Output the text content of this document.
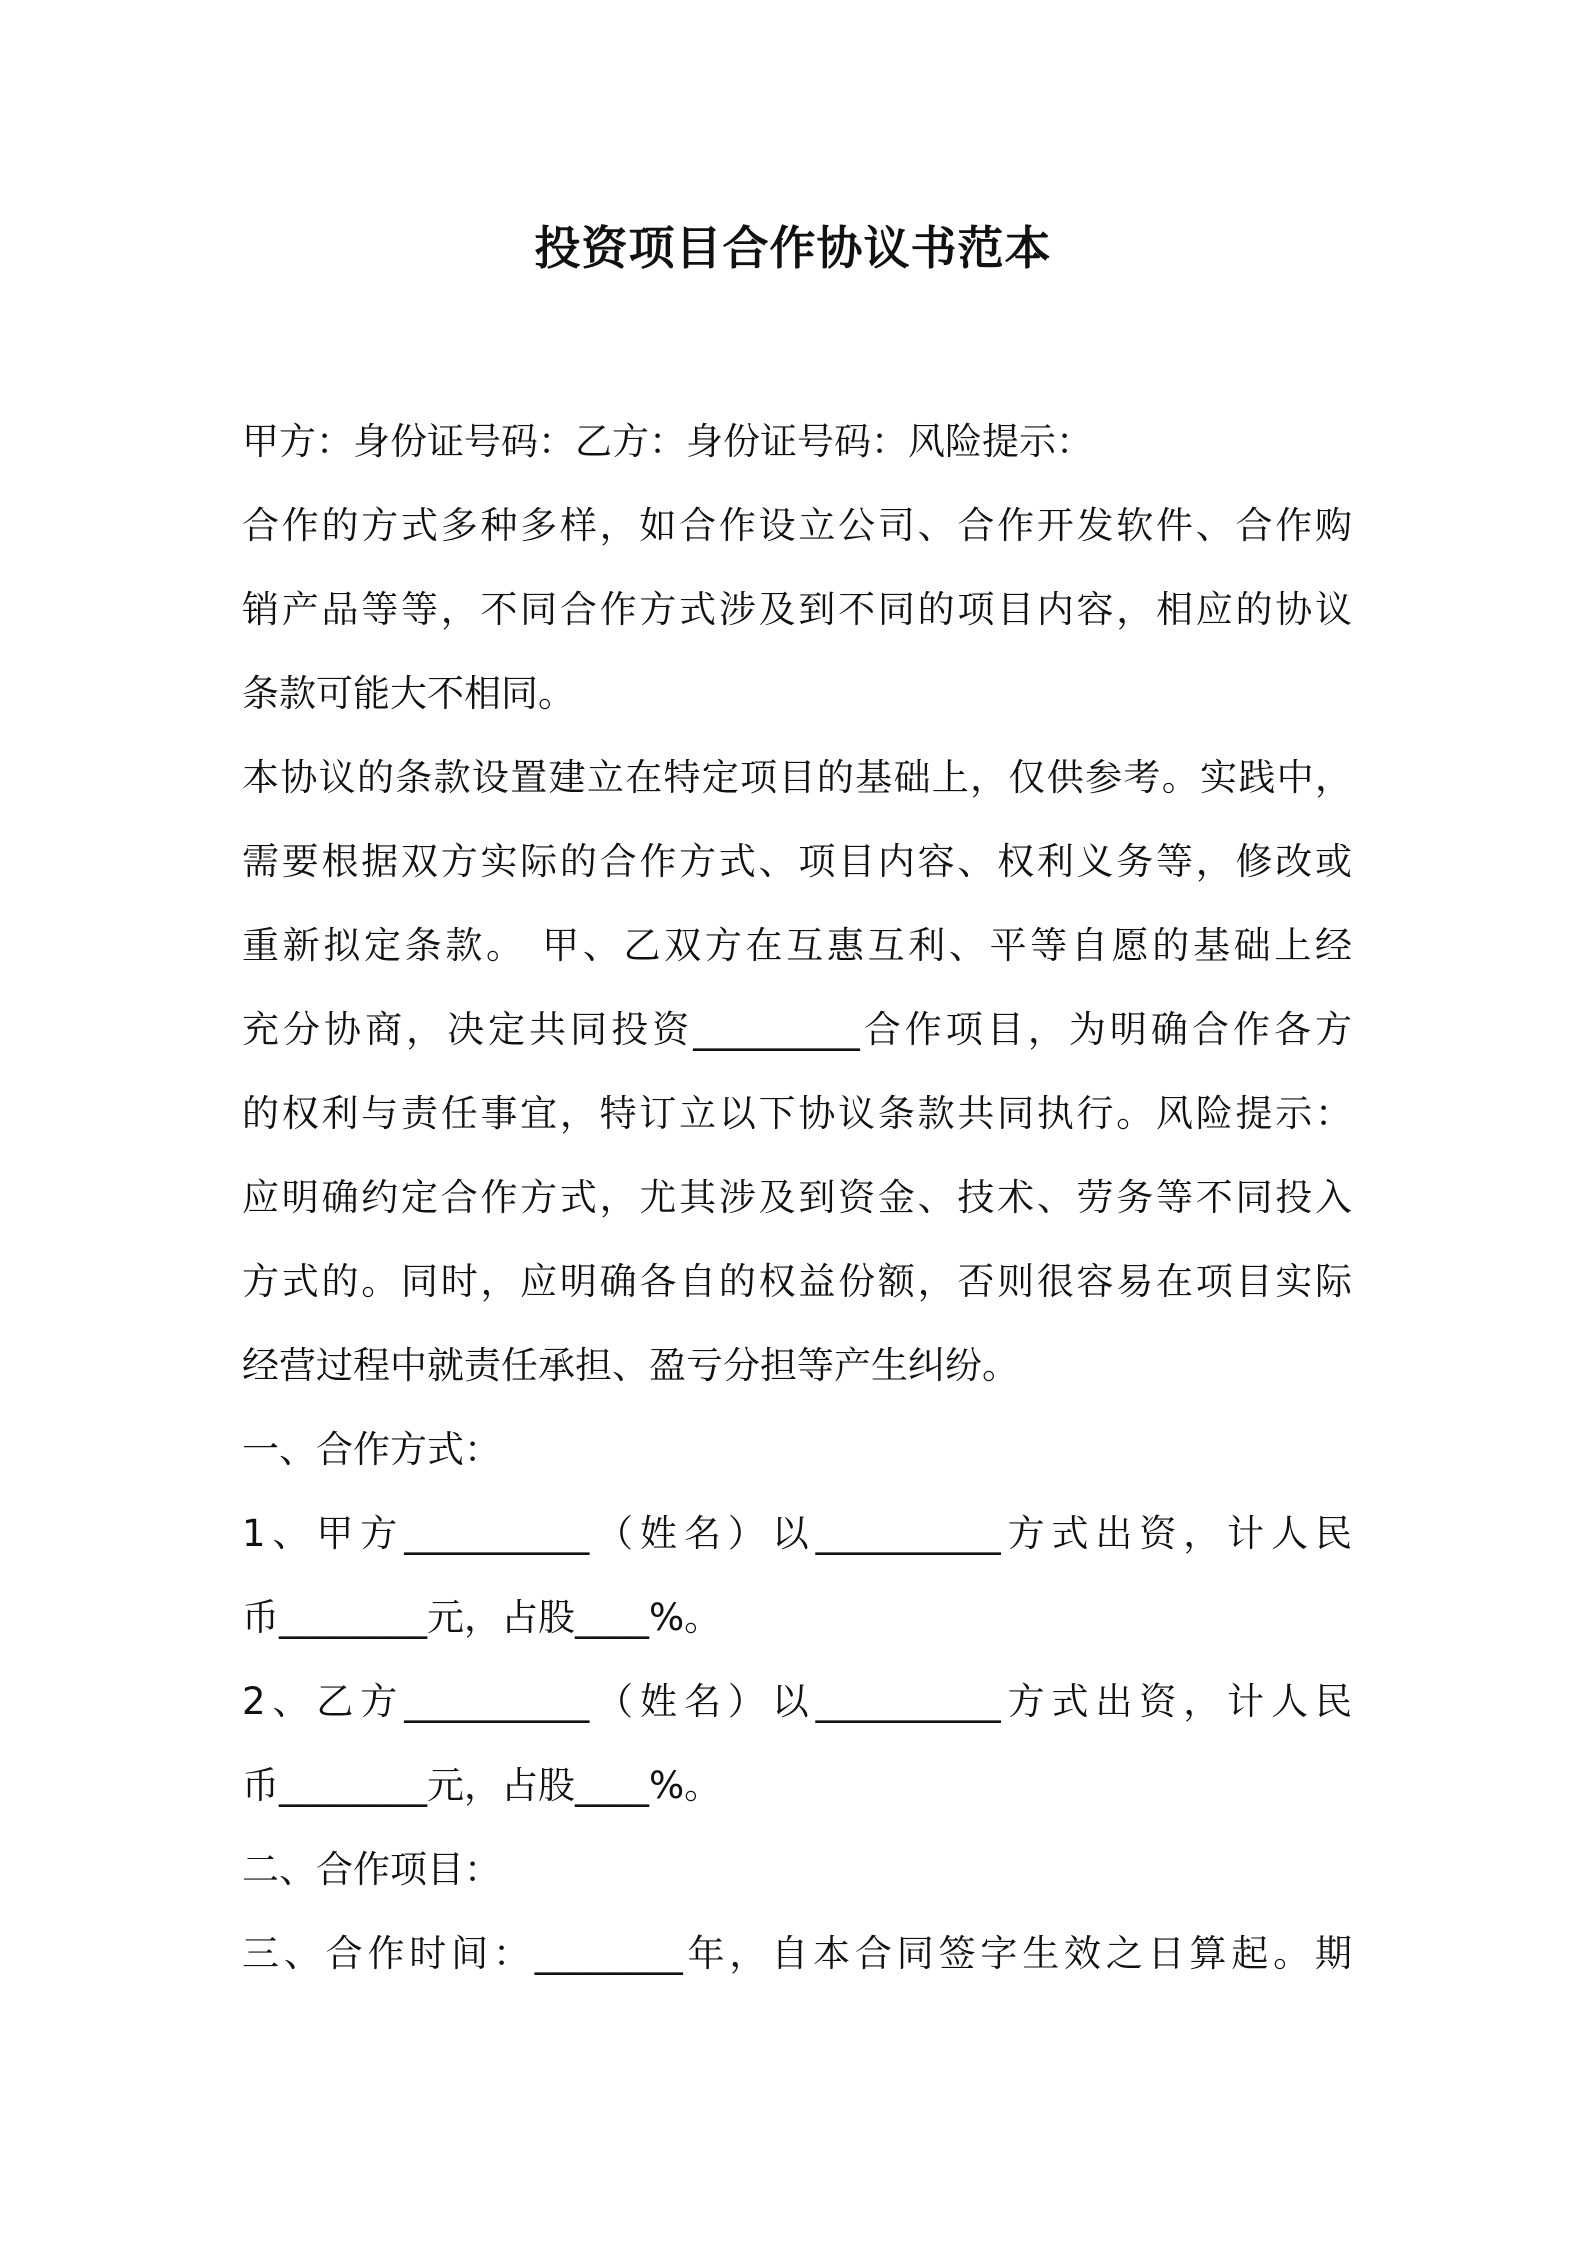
投资项目合作协议书范本
甲方：身份证号码：乙方：身份证号码：风险提示：
合作的方式多种多样，如合作设立公司、合作开发软件、合作购
销产品等等，不同合作方式涉及到不同的项目内容，相应的协议
条款可能大不相同。
本协议的条款设置建立在特定项目的基础上，仅供参考。实践中，
需要根据双方实际的合作方式、项目内容、权利义务等，修改或
重新拟定条款。 甲、乙双方在互惠互利、平等自愿的基础上经
充分协商，决定共同投资_________合作项目，为明确合作各方
的权利与责任事宜，特订立以下协议条款共同执行。风险提示：
应明确约定合作方式，尤其涉及到资金、技术、劳务等不同投入
方式的。同时，应明确各自的权益份额，否则很容易在项目实际
经营过程中就责任承担、盈亏分担等产生纠纷。
一、合作方式：
1、甲方__________（姓名）以__________方式出资，计人民
币________元，占股____%。
2、乙方__________（姓名）以__________方式出资，计人民
币________元，占股____%。
二、合作项目：
三、合作时间：________年，自本合同签字生效之日算起。期
